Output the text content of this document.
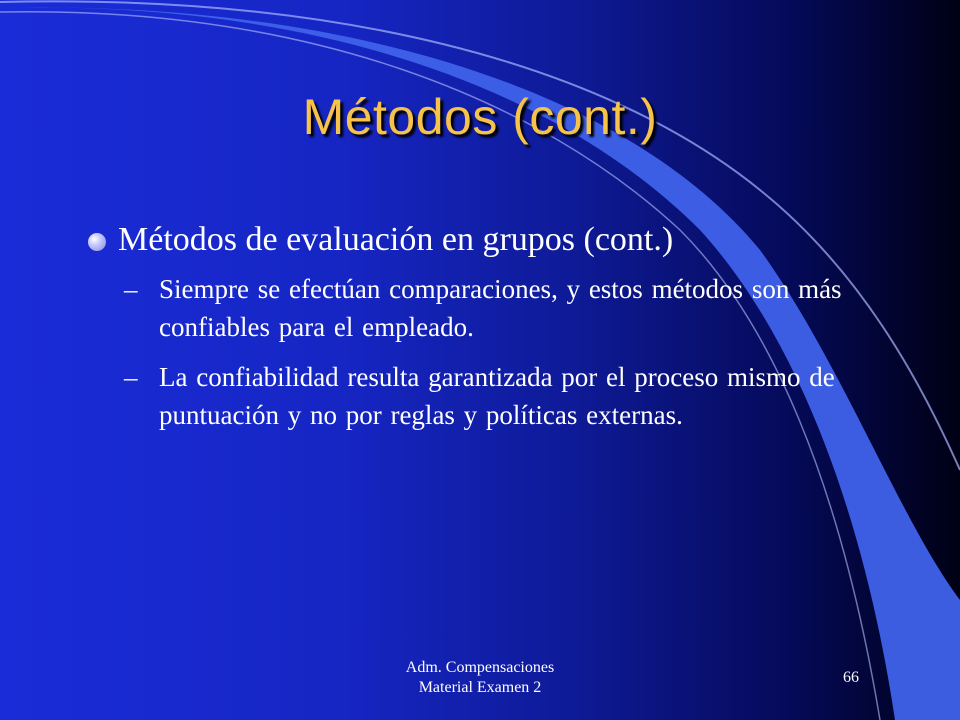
Métodos (cont.)
Métodos de evaluación en grupos (cont.)
– Siempre se efectúan comparaciones, y estos métodos son más confiables para el empleado.
– La confiabilidad resulta garantizada por el proceso mismo de puntuación y no por reglas y políticas externas.
Adm. Compensaciones
Material Examen 2
66
